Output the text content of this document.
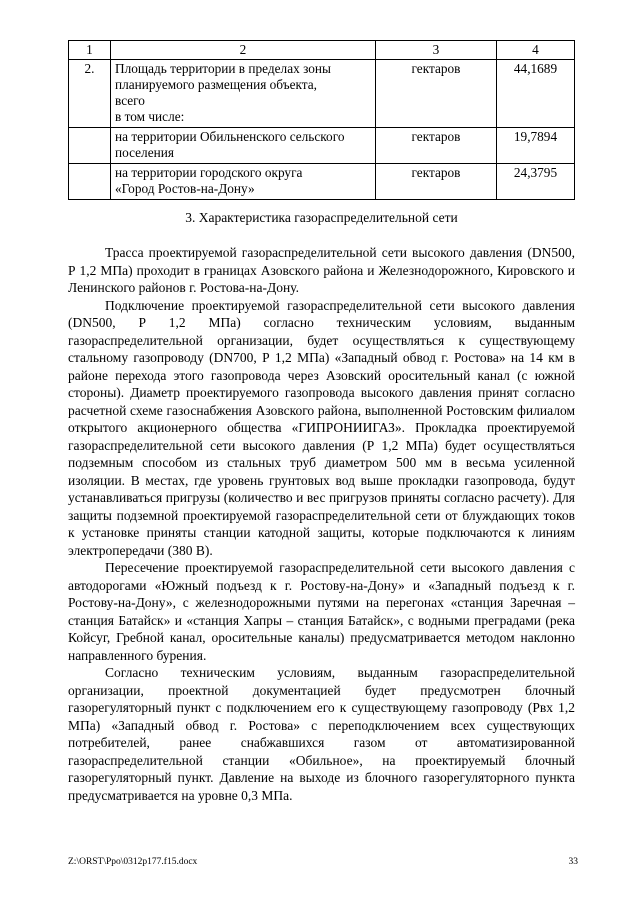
1	2	3	4
2.	Площадь территории в пределах зоны
планируемого размещения объекта,
всего
в том числе:	гектаров	44,1689

	на территории Обильненского сельского
поселения	гектаров	19,7894

	на территории городского округа
«Город Ростов-на-Дону»	гектаров	24,3795
3. Характеристика газораспределительной сети

Трасса проектируемой газораспределительной сети высокого давления (DN500, Р 1,2 МПа) проходит в границах Азовского района и Железнодорожного, Кировского и Ленинского районов г. Ростова-на-Дону.

Подключение проектируемой газораспределительной сети высокого давления (DN500, Р 1,2 МПа) согласно техническим условиям, выданным газораспределительной организации, будет осуществляться к существующему стальному газопроводу (DN700, Р 1,2 МПа) «Западный обвод г. Ростова» на 14 км в районе перехода этого газопровода через Азовский оросительный канал (с южной стороны). Диаметр проектируемого газопровода высокого давления принят согласно расчетной схеме газоснабжения Азовского района, выполненной Ростовским филиалом открытого акционерного общества «ГИПРОНИИГАЗ». Прокладка проектируемой газораспределительной сети высокого давления (Р 1,2 МПа) будет осуществляться подземным способом из стальных труб диаметром 500 мм в весьма усиленной изоляции. В местах, где уровень грунтовых вод выше прокладки газопровода, будут устанавливаться пригрузы (количество и вес пригрузов приняты согласно расчету). Для защиты подземной проектируемой газораспределительной сети от блуждающих токов к установке приняты станции катодной защиты, которые подключаются к линиям электропередачи (380 В).

Пересечение проектируемой газораспределительной сети высокого давления с автодорогами «Южный подъезд к г. Ростову-на-Дону» и «Западный подъезд к г. Ростову-на-Дону», с железнодорожными путями на перегонах «станция Заречная – станция Батайск» и «станция Хапры – станция Батайск», с водными преградами (река Койсуг, Гребной канал, оросительные каналы) предусматривается методом наклонно направленного бурения.

Согласно техническим условиям, выданным газораспределительной организации, проектной документацией будет предусмотрен блочный газорегуляторный пункт с подключением его к существующему газопроводу (Рвх 1,2 МПа) «Западный обвод г. Ростова» с переподключением всех существующих потребителей, ранее снабжавшихся газом от автоматизированной газораспределительной станции «Обильное», на проектируемый блочный газорегуляторный пункт. Давление на выходе из блочного газорегуляторного пункта предусматривается на уровне 0,3 МПа.

Z:\ORST\Ppo\0312p177.f15.docx	33
